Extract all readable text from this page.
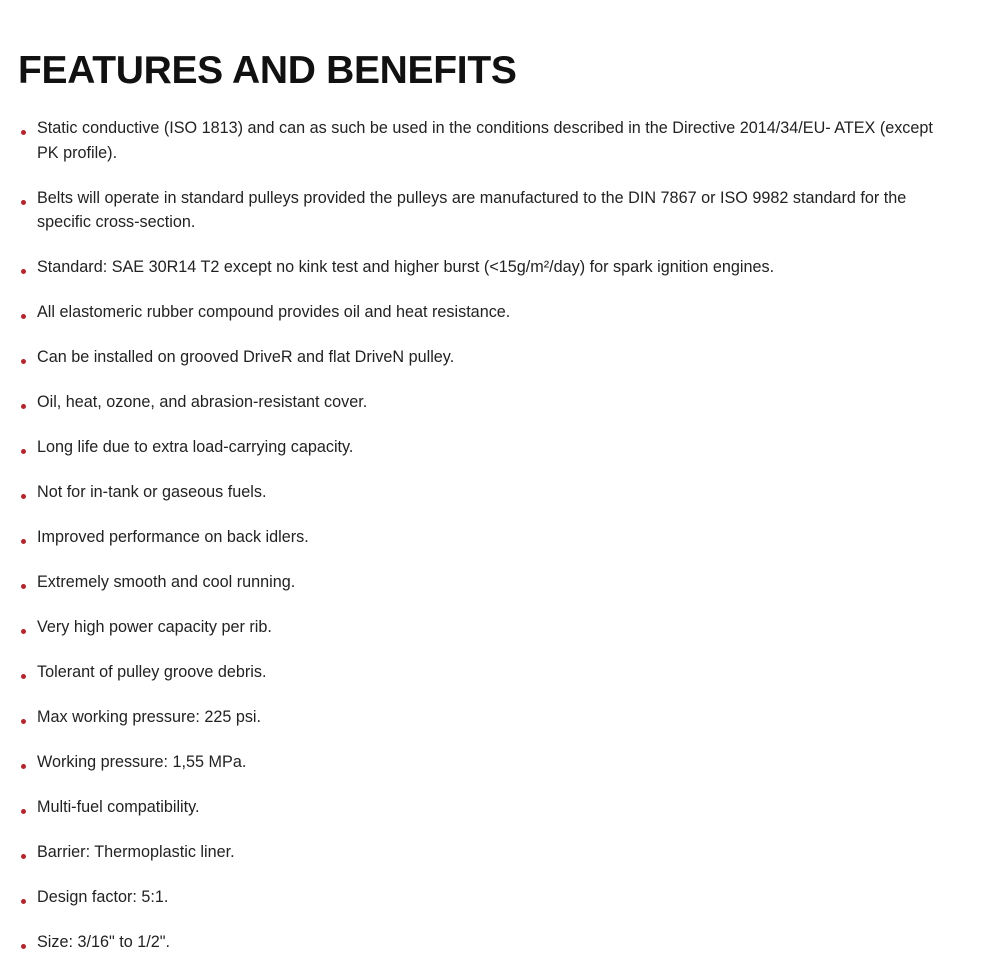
FEATURES AND BENEFITS
Static conductive (ISO 1813) and can as such be used in the conditions described in the Directive 2014/34/EU- ATEX (except PK profile).
Belts will operate in standard pulleys provided the pulleys are manufactured to the DIN 7867 or ISO 9982 standard for the specific cross-section.
Standard: SAE 30R14 T2 except no kink test and higher burst (<15g/m²/day) for spark ignition engines.
All elastomeric rubber compound provides oil and heat resistance.
Can be installed on grooved DriveR and flat DriveN pulley.
Oil, heat, ozone, and abrasion-resistant cover.
Long life due to extra load-carrying capacity.
Not for in-tank or gaseous fuels.
Improved performance on back idlers.
Extremely smooth and cool running.
Very high power capacity per rib.
Tolerant of pulley groove debris.
Max working pressure: 225 psi.
Working pressure: 1,55 MPa.
Multi-fuel compatibility.
Barrier: Thermoplastic liner.
Design factor: 5:1.
Size: 3/16" to 1/2".
